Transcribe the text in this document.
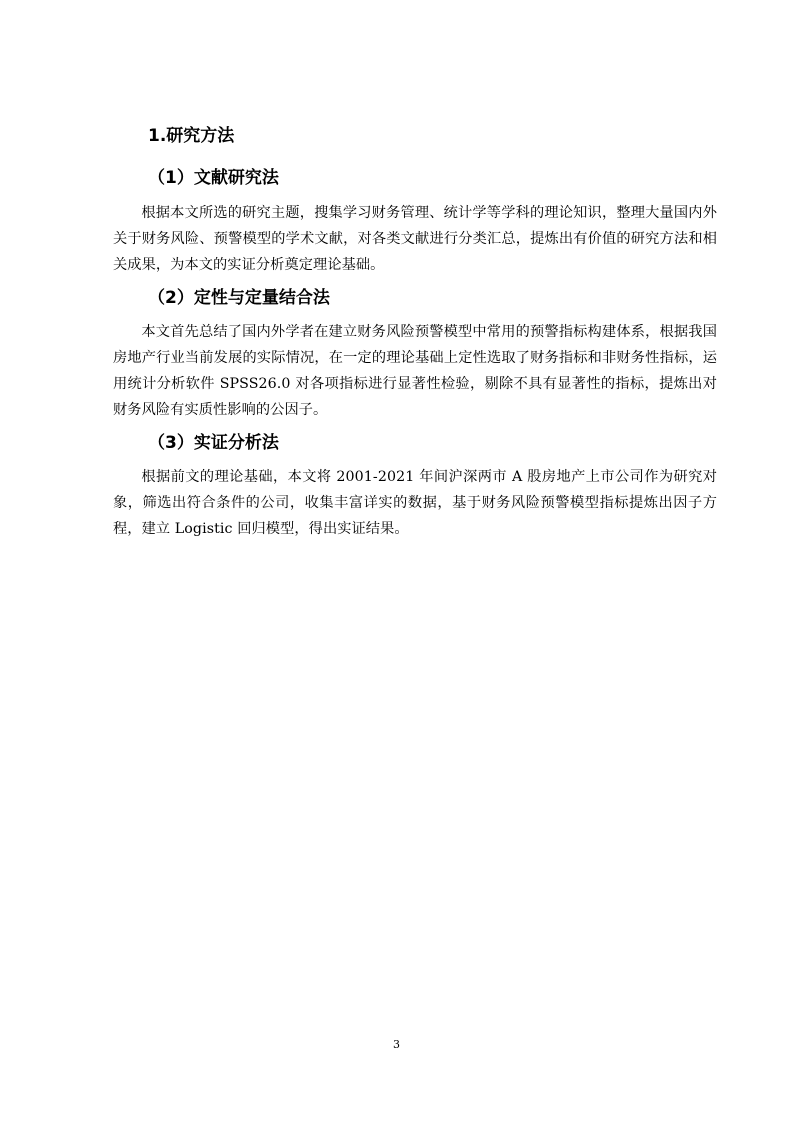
1.研究方法
（1）文献研究法

根据本文所选的研究主题，搜集学习财务管理、统计学等学科的理论知识，整理大量国内外关于财务风险、预警模型的学术文献，对各类文献进行分类汇总，提炼出有价值的研究方法和相关成果，为本文的实证分析奠定理论基础。

（2）定性与定量结合法

本文首先总结了国内外学者在建立财务风险预警模型中常用的预警指标构建体系，根据我国房地产行业当前发展的实际情况，在一定的理论基础上定性选取了财务指标和非财务性指标，运用统计分析软件 SPSS26.0 对各项指标进行显著性检验，剔除不具有显著性的指标，提炼出对财务风险有实质性影响的公因子。

（3）实证分析法

根据前文的理论基础，本文将 2001-2021 年间沪深两市 A 股房地产上市公司作为研究对象，筛选出符合条件的公司，收集丰富详实的数据，基于财务风险预警模型指标提炼出因子方程，建立 Logistic 回归模型，得出实证结果。

3
